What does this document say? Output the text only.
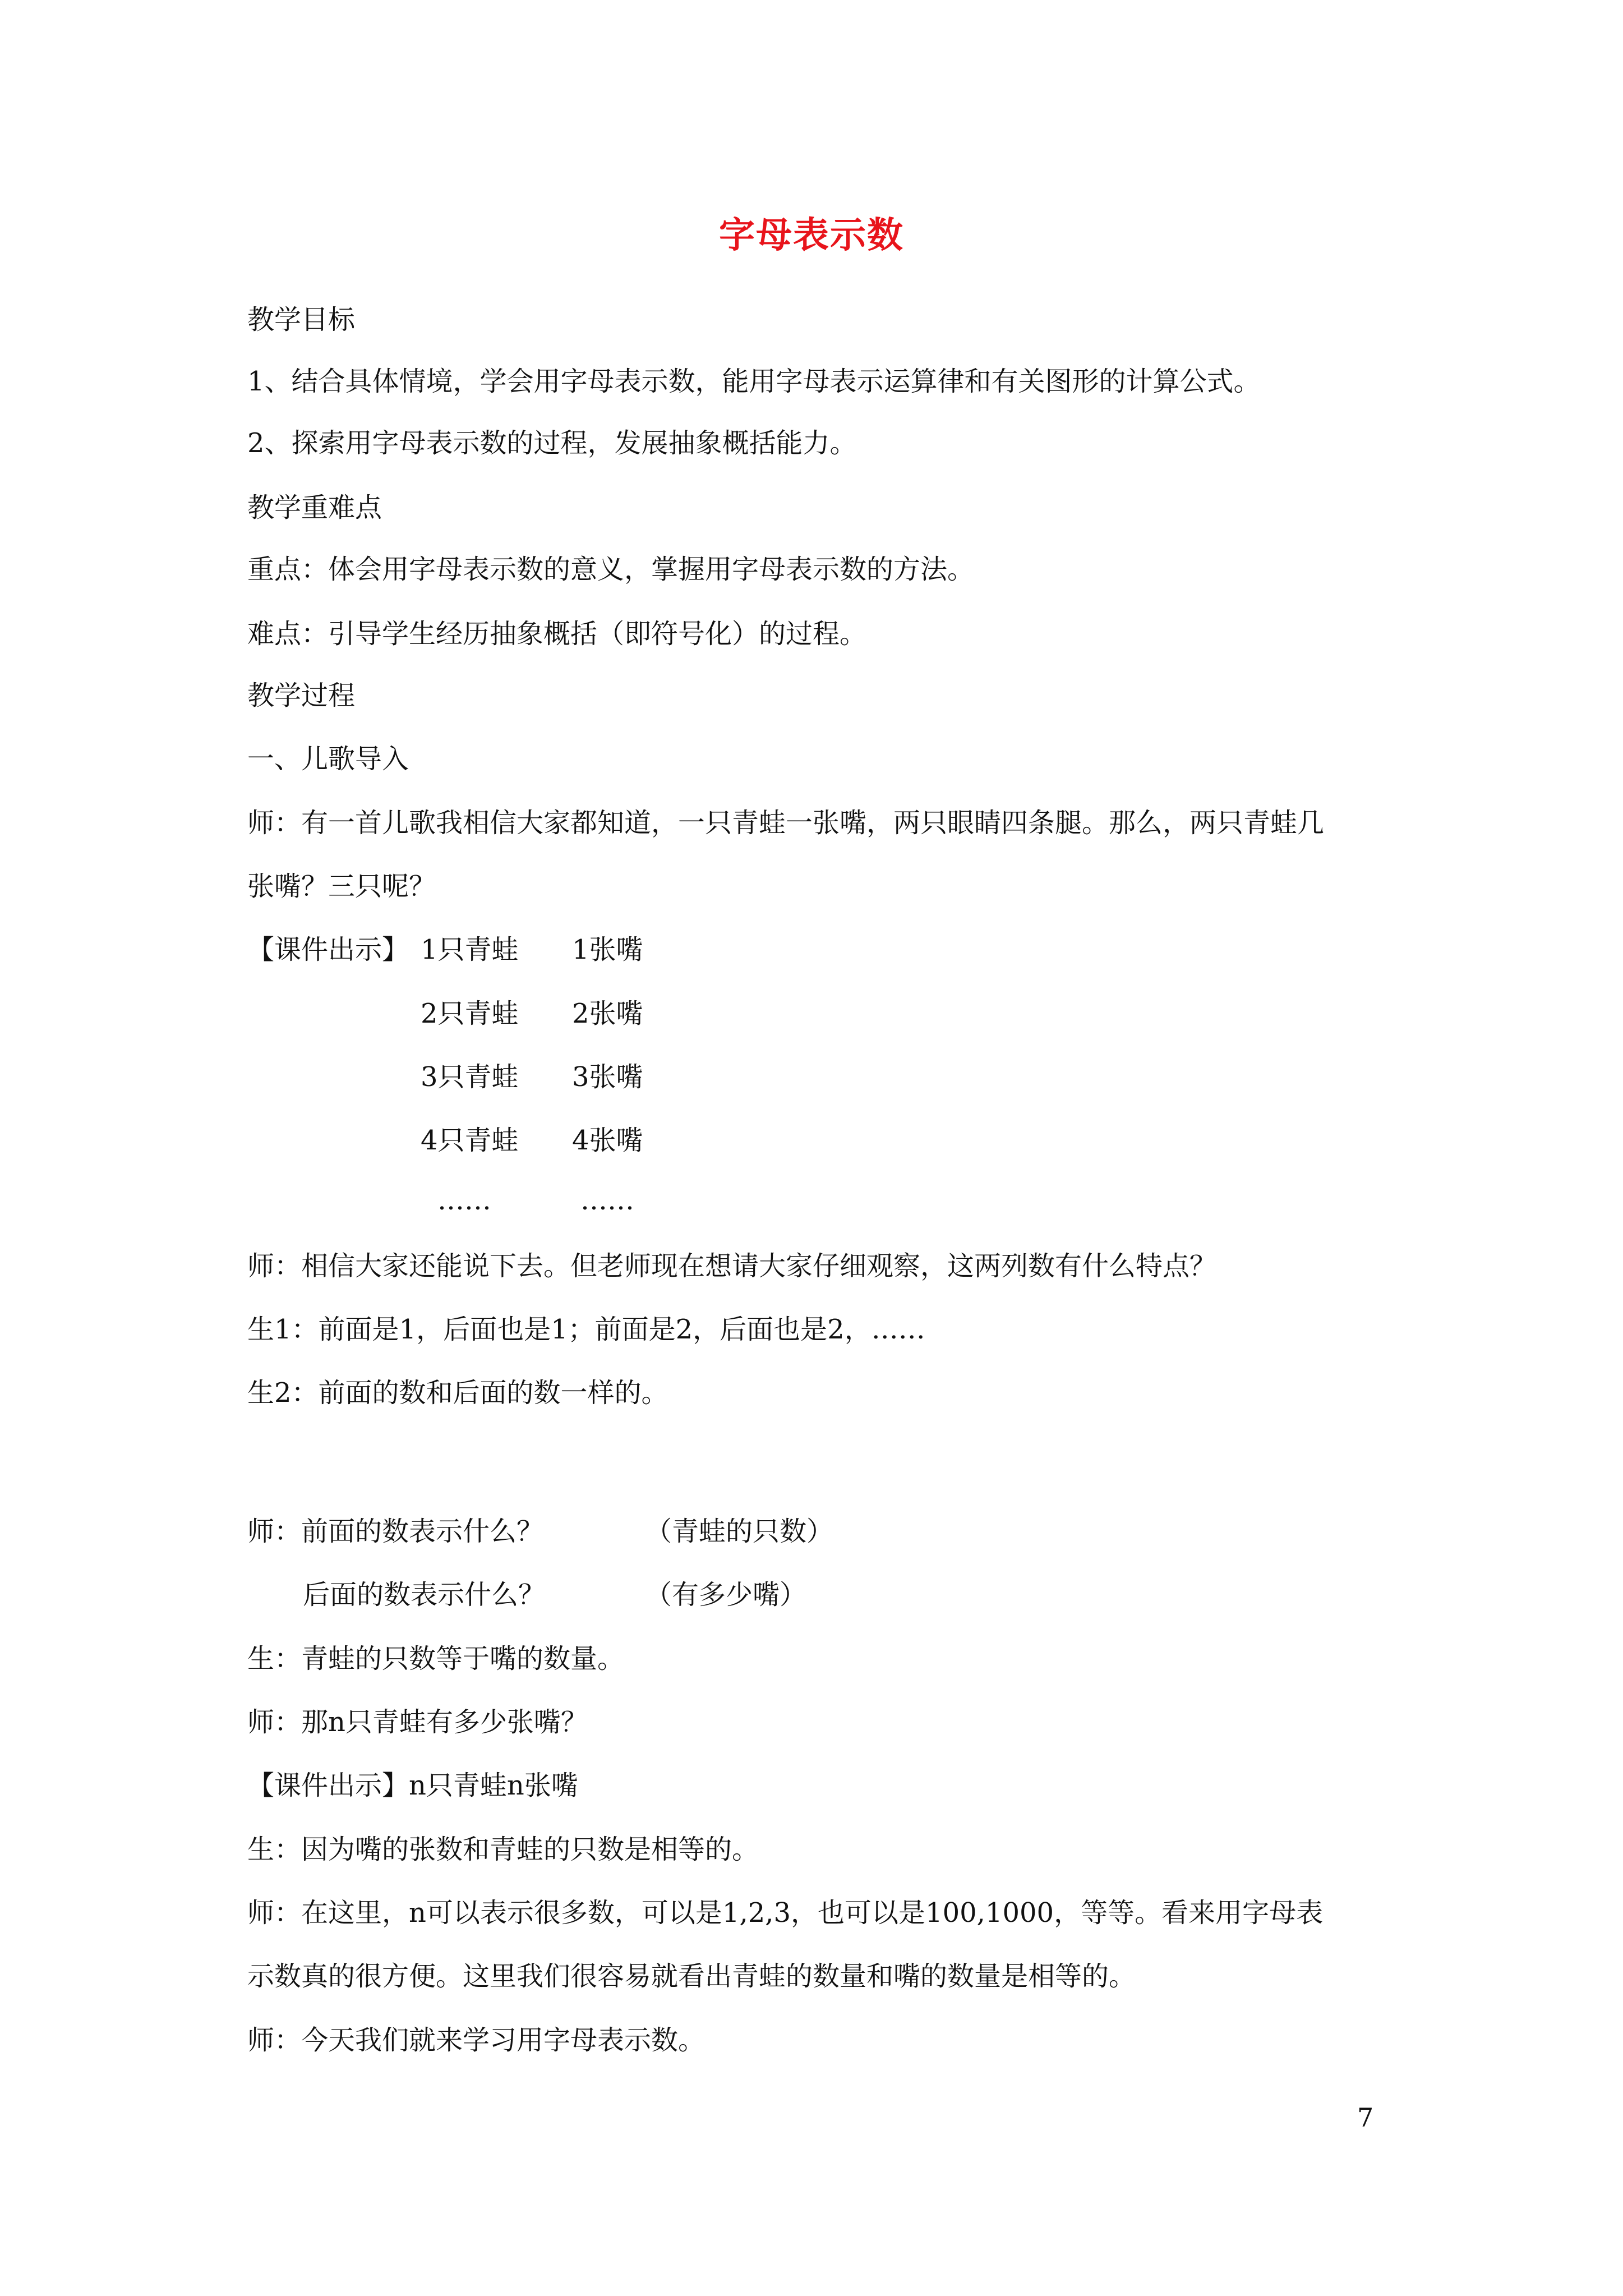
字母表示数
教学目标
1、结合具体情境，学会用字母表示数，能用字母表示运算律和有关图形的计算公式。
2、探索用字母表示数的过程，发展抽象概括能力。
教学重难点
重点：体会用字母表示数的意义，掌握用字母表示数的方法。
难点：引导学生经历抽象概括（即符号化）的过程。
教学过程
一、儿歌导入
师：有一首儿歌我相信大家都知道，一只青蛙一张嘴，两只眼睛四条腿。那么，两只青蛙几
张嘴？三只呢？
【课件出示】 1只青蛙 1张嘴
2只青蛙 2张嘴
3只青蛙 3张嘴
4只青蛙 4张嘴
……	……
师：相信大家还能说下去。但老师现在想请大家仔细观察，这两列数有什么特点？
生1：前面是1，后面也是1；前面是2，后面也是2，……
生2：前面的数和后面的数一样的。
师：前面的数表示什么？	（青蛙的只数）
后面的数表示什么？	（有多少嘴）
生：青蛙的只数等于嘴的数量。
师：那n只青蛙有多少张嘴？
【课件出示】n只青蛙n张嘴
生：因为嘴的张数和青蛙的只数是相等的。
师：在这里，n可以表示很多数，可以是1,2,3，也可以是100,1000，等等。看来用字母表
示数真的很方便。这里我们很容易就看出青蛙的数量和嘴的数量是相等的。
师：今天我们就来学习用字母表示数。
7
